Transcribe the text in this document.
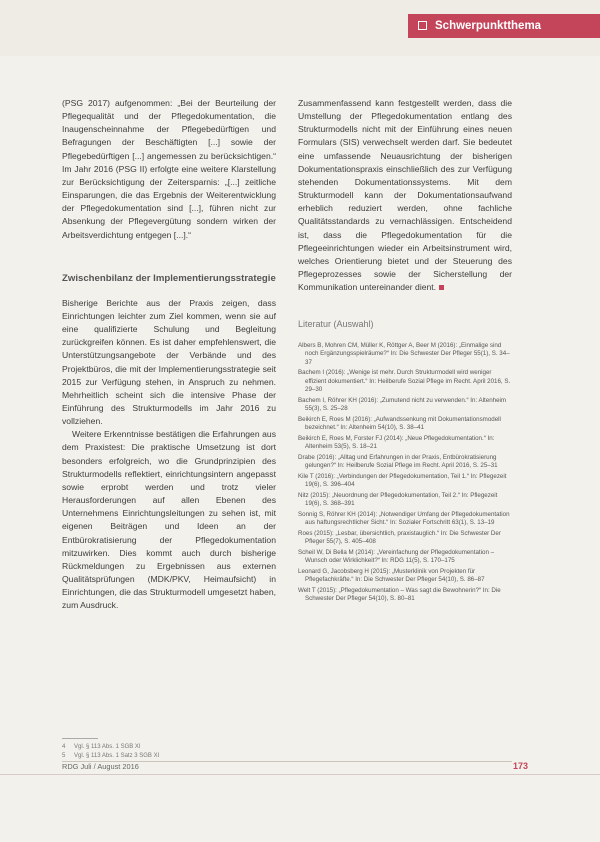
Schwerpunktthema

(PSG 2017) aufgenommen: „Bei der Beurteilung der Pflegequalität und der Pflegedokumentation, die Inaugenscheinnahme der Pflegebedürftigen und Befragungen der Beschäftigten [...] sowie der Pflegebedürftigen [...] angemessen zu berücksichtigen.“ Im Jahr 2016 (PSG II) erfolgte eine weitere Klarstellung zur Berücksichtigung der Zeitersparnis: „[...] zeitliche Einsparungen, die das Ergebnis der Weiterentwicklung der Pflegedokumentation sind [...], führen nicht zur Absenkung der Pflegevergütung sondern wirken der Arbeitsverdichtung entgegen [...].“

Zwischenbilanz der Implementierungsstrategie

Bisherige Berichte aus der Praxis zeigen, dass Einrichtungen leichter zum Ziel kommen, wenn sie auf eine qualifizierte Schulung und Begleitung zurückgreifen können. Es ist daher empfehlenswert, die Unterstützungsangebote der Verbände und des Projektbüros, die mit der Implementierungsstrategie seit 2015 zur Verfügung stehen, in Anspruch zu nehmen. Mehrheitlich scheint sich die intensive Phase der Einführung des Strukturmodells im Jahr 2016 zu vollziehen.

Weitere Erkenntnisse bestätigen die Erfahrungen aus dem Praxistest: Die praktische Umsetzung ist dort besonders erfolgreich, wo die Grundprinzipien des Strukturmodells reflektiert, einrichtungsintern angepasst sowie erprobt werden und trotz vieler Herausforderungen auf allen Ebenen des Unternehmens Einrichtungsleitungen zu sehen ist, mit eigenen Beiträgen und Ideen an der Entbürokratisierung der Pflegedokumentation mitzuwirken. Dies kommt auch durch bisherige Rückmeldungen zu Ergebnissen aus externen Qualitätsprüfungen (MDK/PKV, Heimaufsicht) in Einrichtungen, die das Strukturmodell umgesetzt haben, zum Ausdruck.

Zusammenfassend kann festgestellt werden, dass die Umstellung der Pflegedokumentation entlang des Strukturmodells nicht mit der Einführung eines neuen Formulars (SIS) verwechselt werden darf. Sie bedeutet eine umfassende Neuausrichtung der bisherigen Dokumentationspraxis einschließlich des zur Verfügung stehenden Dokumentationssystems. Mit dem Strukturmodell kann der Dokumentationsaufwand erheblich reduziert werden, ohne fachliche Qualitätsstandards zu vernachlässigen. Entscheidend ist, dass die Pflegedokumentation für die Pflegeeinrichtungen wieder ein Arbeitsinstrument wird, welches Orientierung bietet und der Steuerung des Pflegeprozesses sowie der Sicherstellung der Kommunikation untereinander dient.

Literatur (Auswahl)
Albers B, Mohren CM, Müller K, Röttger A, Beer M (2016): „Einmalige sind noch Ergänzungsspielräume?“ In: Die Schwester Der Pfleger 55(1), S. 34–37
Bachem I (2016): „Wenige ist mehr. Durch Strukturmodell wird weniger effizient dokumentiert.“ In: Heilberufe Sozial Pflege im Recht. April 2016, S. 29–30
Bachem I, Röhrer KH (2016): „Zumutend nicht zu verwenden.“ In: Altenheim 55(3), S. 25–28
Beikirch E, Roes M (2016): „Aufwandssenkung mit Dokumentationsmodell bezeichnet.“ In: Altenheim 54(10), S. 38–41
Beikirch E, Roes M, Forster FJ (2014): „Neue Pflegedokumentation.“ In: Altenheim 53(5), S. 18–21
Drabe (2016): „Alltag und Erfahrungen in der Praxis, Entbürokratisierung gelungen?“ In: Heilberufe Sozial Pflege im Recht. April 2016, S. 25–31
Kile T (2016): „Verbindungen der Pflegedokumentation, Teil 1.“ In: Pflegezeit 19(6), S. 396–404
Nitz (2015): „Neuordnung der Pflegedokumentation, Teil 2.“ In: Pflegezeit 19(6), S. 368–391
Sonnig S, Röhrer KH (2014): „Notwendiger Umfang der Pflegedokumentation aus haftungsrechtlicher Sicht.“ In: Sozialer Fortschritt 63(1), S. 13–19
Roes (2015): „Lesbar, übersichtlich, praxistauglich.“ In: Die Schwester Der Pfleger 55(7), S. 405–408
Scheil W, Di Bella M (2014): „Vereinfachung der Pflegedokumentation – Wunsch oder Wirklichkeit?“ In: RDG 11(5), S. 170–175
Leonard G, Jacobsberg H (2015): „Musterklinik von Projekten für Pflegefachkräfte.“ In: Die Schwester Der Pfleger 54(10), S. 86–87
Welt T (2015): „Pflegedokumentation – Was sagt die Bewohnerin?“ In: Die Schwester Der Pfleger 54(10), S. 80–81
4 Vgl. § 113 Abs. 1 SGB XI
5 Vgl. § 113 Abs. 1 Satz 3 SGB XI
RDG Juli / August 2016	173
